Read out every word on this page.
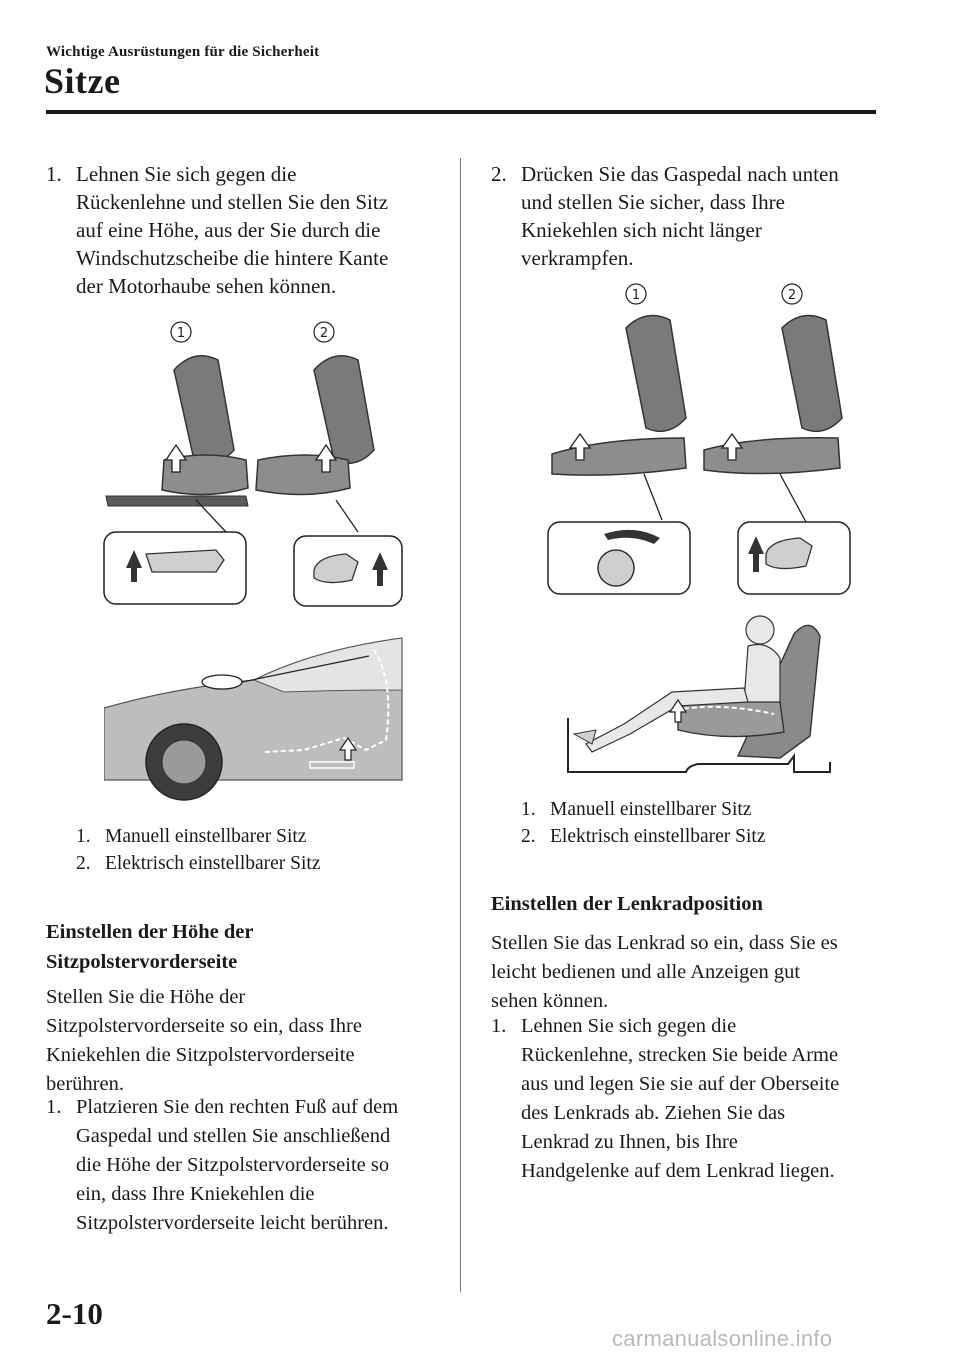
Wichtige Ausrüstungen für die Sicherheit
Sitze
1. Lehnen Sie sich gegen die
Rückenlehne und stellen Sie den Sitz
auf eine Höhe, aus der Sie durch die
Windschutzscheibe die hintere Kante
der Motorhaube sehen können.
1	2
1. Manuell einstellbarer Sitz
2. Elektrisch einstellbarer Sitz
Einstellen der Höhe der
Sitzpolstervorderseite
Stellen Sie die Höhe der
Sitzpolstervorderseite so ein, dass Ihre
Kniekehlen die Sitzpolstervorderseite
berühren.
1. Platzieren Sie den rechten Fuß auf dem
Gaspedal und stellen Sie anschließend
die Höhe der Sitzpolstervorderseite so
ein, dass Ihre Kniekehlen die
Sitzpolstervorderseite leicht berühren.
2. Drücken Sie das Gaspedal nach unten
und stellen Sie sicher, dass Ihre
Kniekehlen sich nicht länger
verkrampfen.
1	2
1. Manuell einstellbarer Sitz
2. Elektrisch einstellbarer Sitz
Einstellen der Lenkradposition
Stellen Sie das Lenkrad so ein, dass Sie es
leicht bedienen und alle Anzeigen gut
sehen können.
1. Lehnen Sie sich gegen die
Rückenlehne, strecken Sie beide Arme
aus und legen Sie sie auf der Oberseite
des Lenkrads ab. Ziehen Sie das
Lenkrad zu Ihnen, bis Ihre
Handgelenke auf dem Lenkrad liegen.
2-10
carmanualsonline.info
